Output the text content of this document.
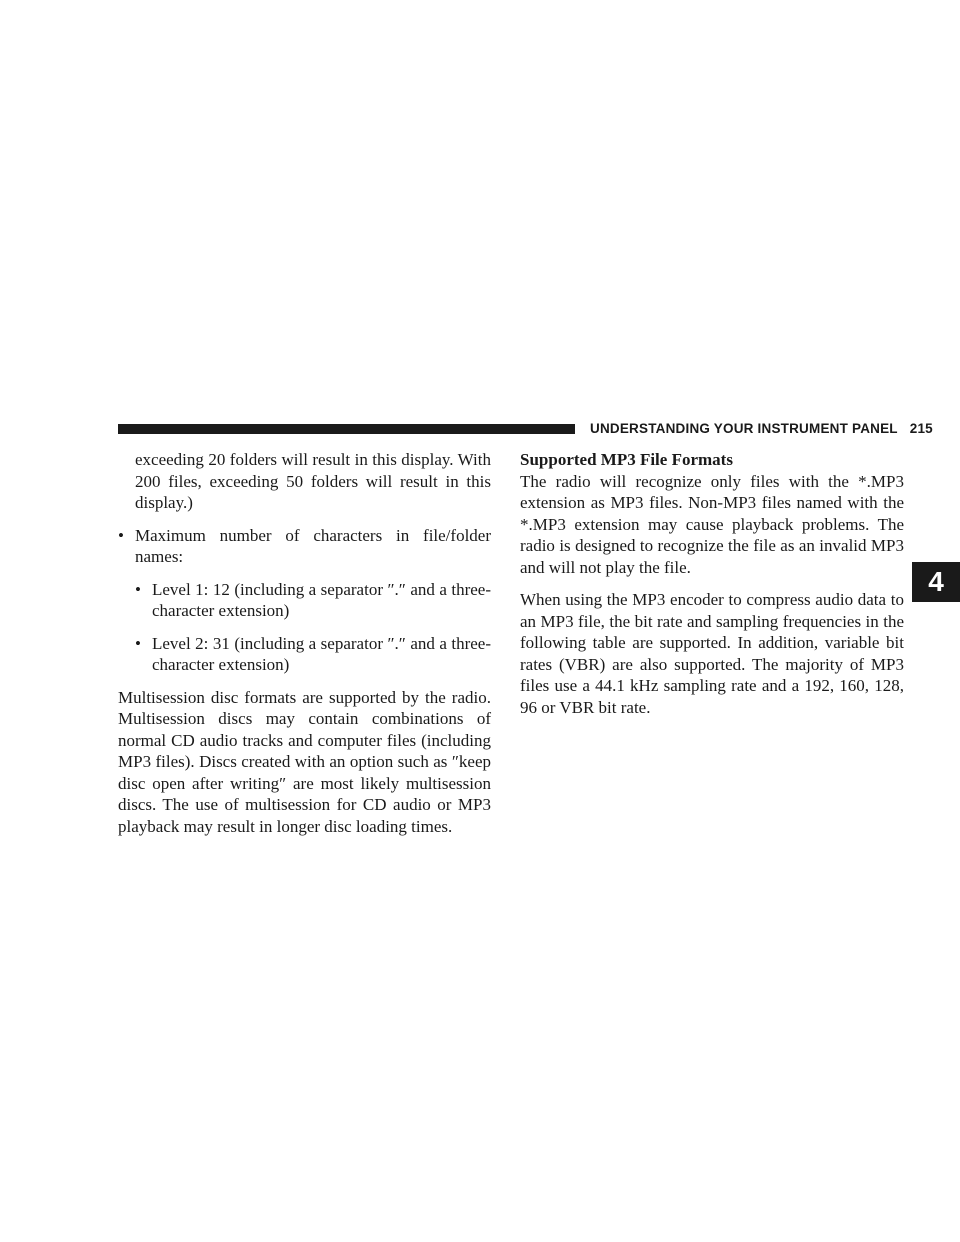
UNDERSTANDING YOUR INSTRUMENT PANEL 215

exceeding 20 folders will result in this display. With 200 files, exceeding 50 folders will result in this display.)

• Maximum number of characters in file/folder names:
• Level 1: 12 (including a separator ″.″ and a three-character extension)
• Level 2: 31 (including a separator ″.″ and a three-character extension)

Multisession disc formats are supported by the radio. Multisession discs may contain combinations of normal CD audio tracks and computer files (including MP3 files). Discs created with an option such as ″keep disc open after writing″ are most likely multisession discs. The use of multisession for CD audio or MP3 playback may result in longer disc loading times.

Supported MP3 File Formats

The radio will recognize only files with the *.MP3 extension as MP3 files. Non-MP3 files named with the *.MP3 extension may cause playback problems. The radio is designed to recognize the file as an invalid MP3 and will not play the file.

When using the MP3 encoder to compress audio data to an MP3 file, the bit rate and sampling frequencies in the following table are supported. In addition, variable bit rates (VBR) are also supported. The majority of MP3 files use a 44.1 kHz sampling rate and a 192, 160, 128, 96 or VBR bit rate.

4
